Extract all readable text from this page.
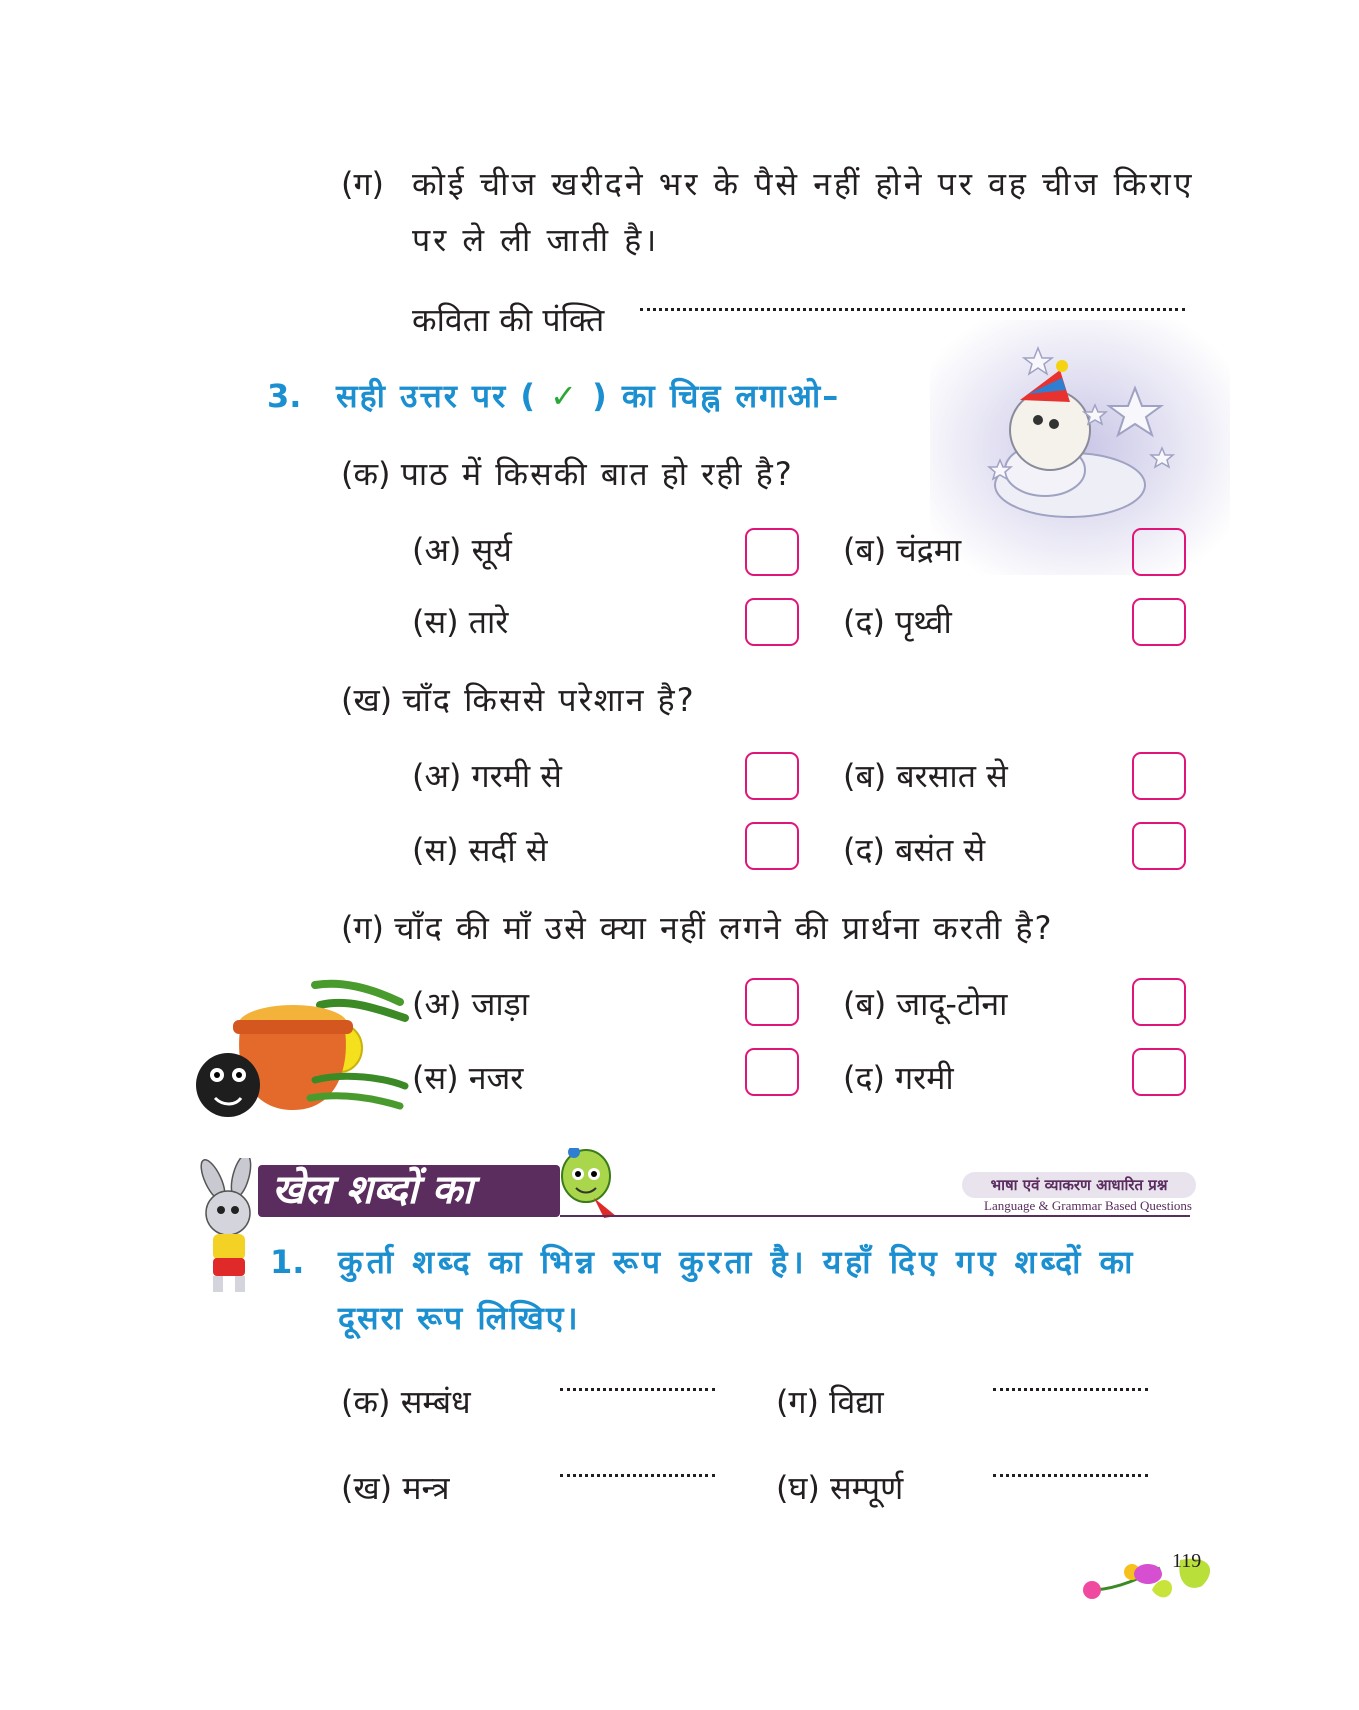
(ग) कोई चीज खरीदने भर के पैसे नहीं होने पर वह चीज किराए
पर ले ली जाती है।
कविता की पंक्ति
3. सही उत्तर पर ( ✓ ) का चिह्न लगाओ–
(क) पाठ में किसकी बात हो रही है?
(अ) सूर्य	(ब) चंद्रमा
(स) तारे	(द) पृथ्वी
(ख) चाँद किससे परेशान है?
(अ) गरमी से	(ब) बरसात से
(स) सर्दी से	(द) बसंत से
(ग) चाँद की माँ उसे क्या नहीं लगने की प्रार्थना करती है?
(अ) जाड़ा	(ब) जादू-टोना
(स) नजर	(द) गरमी
खेल शब्दों का	भाषा एवं व्याकरण आधारित प्रश्न
Language & Grammar Based Questions
1. कुर्ता शब्द का भिन्न रूप कुरता है। यहाँ दिए गए शब्दों का
दूसरा रूप लिखिए।
(क) सम्बंध	(ग) विद्या
(ख) मन्त्र	(घ) सम्पूर्ण
119
